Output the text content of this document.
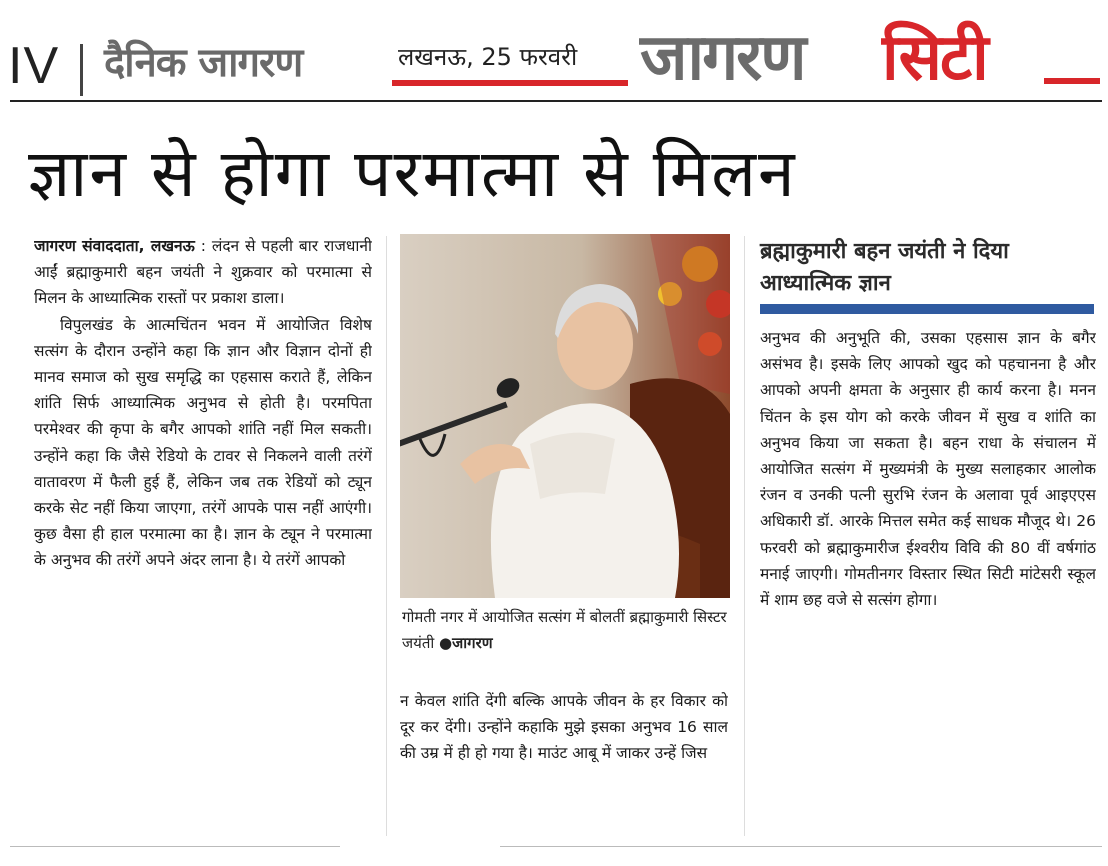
IV दैनिक जागरण	लखनऊ, 25 फरवरी जागरण सिटी
ज्ञान से होगा परमात्मा से मिलन

जागरण संवाददाता, लखनऊ : लंदन से पहली बार राजधानी आईं ब्रह्माकुमारी बहन जयंती ने शुक्रवार को परमात्मा से मिलन के आध्यात्मिक रास्तों पर प्रकाश डाला।

विपुलखंड के आत्मचिंतन भवन में आयोजित विशेष सत्संग के दौरान उन्होंने कहा कि ज्ञान और विज्ञान दोनों ही मानव समाज को सुख समृद्धि का एहसास कराते हैं, लेकिन शांति सिर्फ आध्यात्मिक अनुभव से होती है। परमपिता परमेश्वर की कृपा के बगैर आपको शांति नहीं मिल सकती। उन्होंने कहा कि जैसे रेडियो के टावर से निकलने वाली तरंगें वातावरण में फैली हुई हैं, लेकिन जब तक रेडियों को ट्यून करके सेट नहीं किया जाएगा, तरंगें आपके पास नहीं आएंगी। कुछ वैसा ही हाल परमात्मा का है। ज्ञान के ट्यून ने परमात्मा के अनुभव की तरंगें अपने अंदर लाना है। ये तरंगें आपको

गोमती नगर में आयोजित सत्संग में बोलतीं ब्रह्माकुमारी सिस्टर जयंती ●जागरण

न केवल शांति देंगी बल्कि आपके जीवन के हर विकार को दूर कर देंगी। उन्होंने कहाकि मुझे इसका अनुभव 16 साल की उम्र में ही हो गया है। माउंट आबू में जाकर उन्हें जिस

ब्रह्माकुमारी बहन जयंती ने दिया आध्यात्मिक ज्ञान

अनुभव की अनुभूति की, उसका एहसास ज्ञान के बगैर असंभव है। इसके लिए आपको खुद को पहचानना है और आपको अपनी क्षमता के अनुसार ही कार्य करना है। मनन चिंतन के इस योग को करके जीवन में सुख व शांति का अनुभव किया जा सकता है। बहन राधा के संचालन में आयोजित सत्संग में मुख्यमंत्री के मुख्य सलाहकार आलोक रंजन व उनकी पत्नी सुरभि रंजन के अलावा पूर्व आइएएस अधिकारी डॉ. आरके मित्तल समेत कई साधक मौजूद थे। 26 फरवरी को ब्रह्माकुमारीज ईश्वरीय विवि की 80 वीं वर्षगांठ मनाई जाएगी। गोमतीनगर विस्तार स्थित सिटी मांटेसरी स्कूल में शाम छह वजे से सत्संग होगा।
